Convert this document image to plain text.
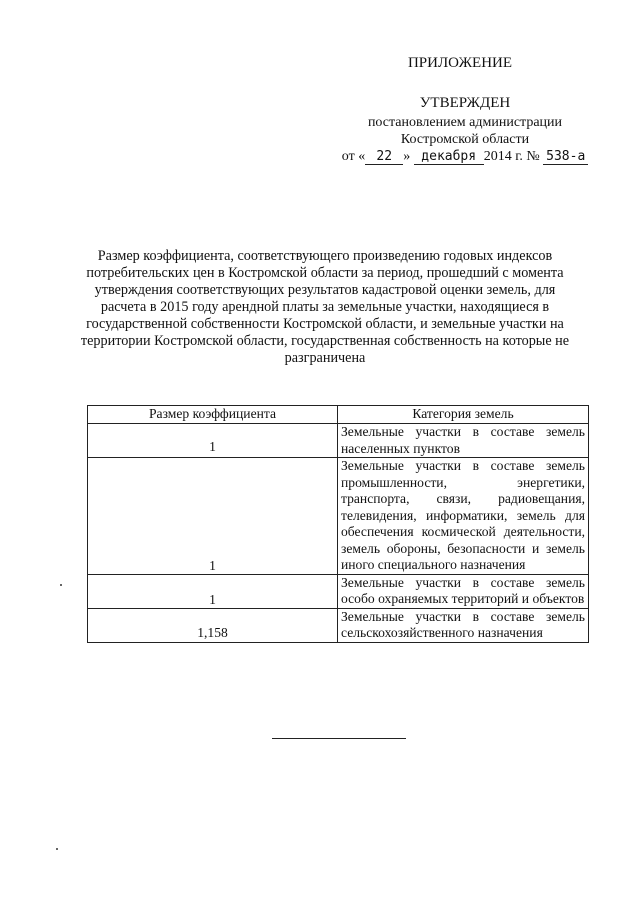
ПРИЛОЖЕНИЕ
УТВЕРЖДЕН
постановлением администрации
Костромской области
от « 22 » декабря 2014 г. № 538-а
Размер коэффициента, соответствующего произведению годовых индексов потребительских цен в Костромской области за период, прошедший с момента утверждения соответствующих результатов кадастровой оценки земель, для расчета в 2015 году арендной платы за земельные участки, находящиеся в государственной собственности Костромской области, и земельные участки на территории Костромской области, государственная собственность на которые не разграничена
Размер коэффициента	Категория земель

1	Земельные участки в составе земель населенных пунктов

1	Земельные участки в составе земель промышленности, энергетики, транспорта, связи, радиовещания, телевидения, информатики, земель для обеспечения космической деятельности, земель обороны, безопасности и земель иного специального назначения

1	Земельные участки в составе земель особо охраняемых территорий и объектов

1,158	Земельные участки в составе земель сельскохозяйственного назначения
